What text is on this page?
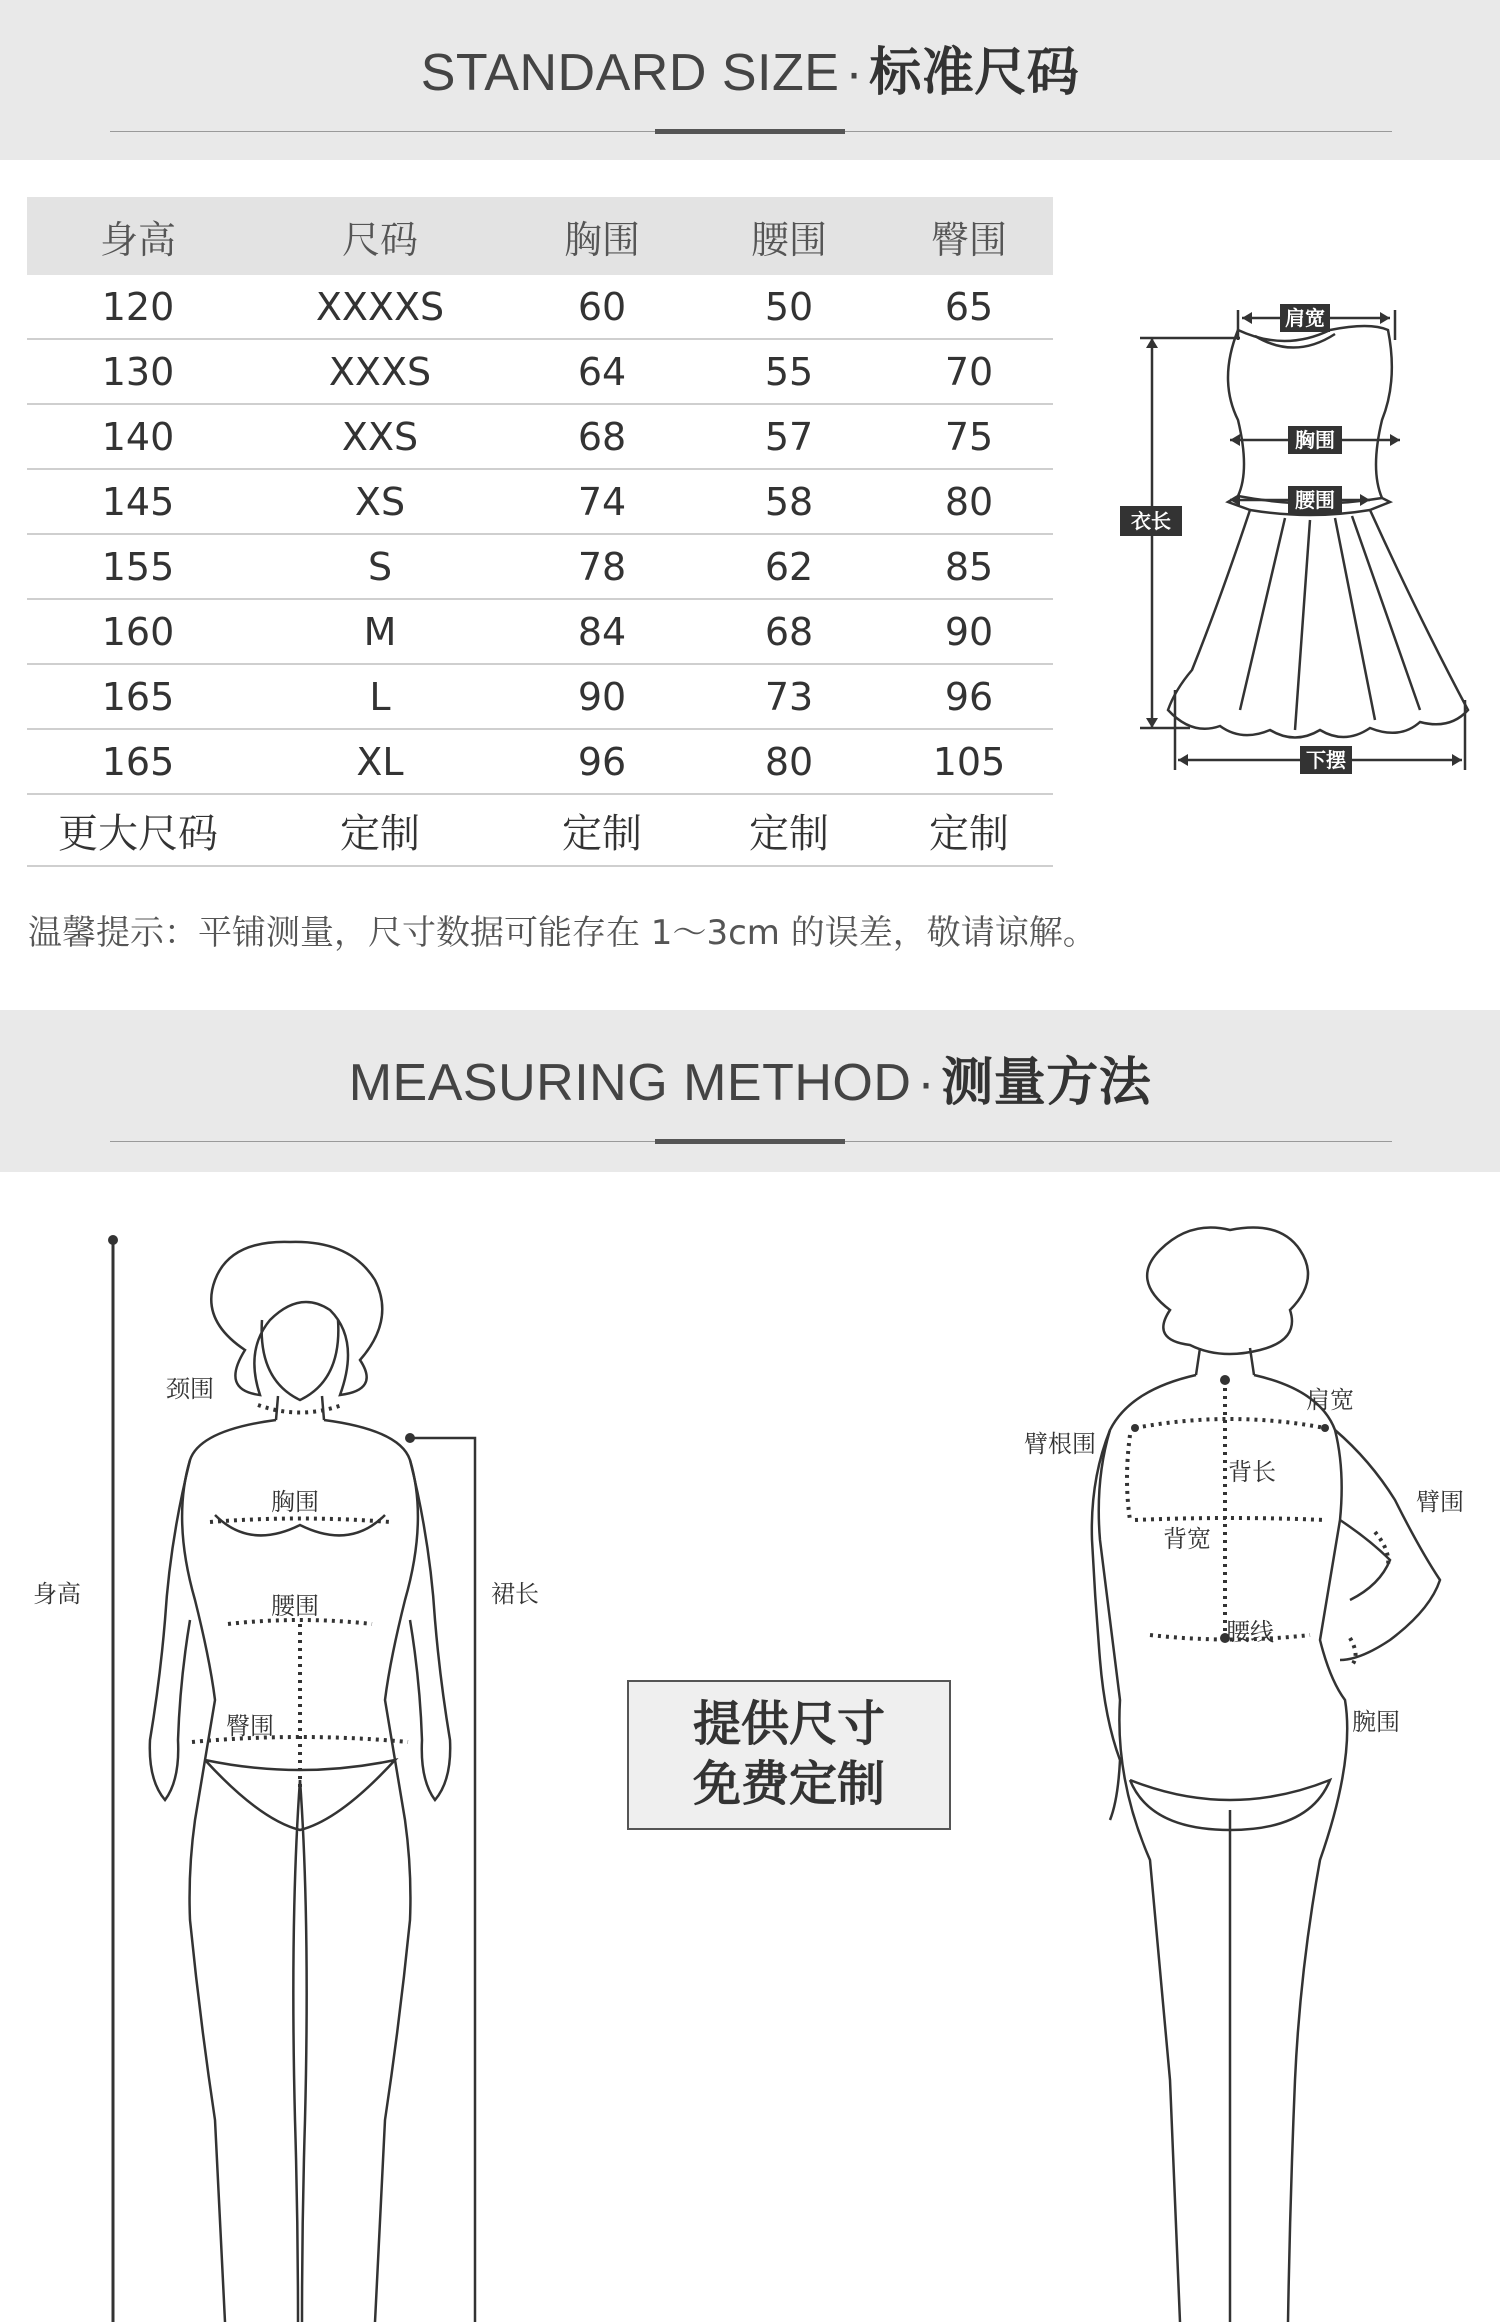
STANDARD SIZE · 标准尺码
身高	尺码	胸围	腰围	臀围
120	XXXXS	60	50	65
130	XXXS	64	55	70
140	XXS	68	57	75
145	XS	74	58	80
155	S	78	62	85
160	M	84	68	90
165	L	90	73	96
165	XL	96	80	105
更大尺码	定制	定制	定制	定制
肩宽
胸围
腰围
衣长
下摆
温馨提示：平铺测量，尺寸数据可能存在 1～3cm 的误差，敬请谅解。
MEASURING METHOD · 测量方法
身高
颈围
胸围
腰围
臀围
裙长
提供尺寸
免费定制
臂根围
肩宽
背长
臂围
背宽
腰线
腕围
